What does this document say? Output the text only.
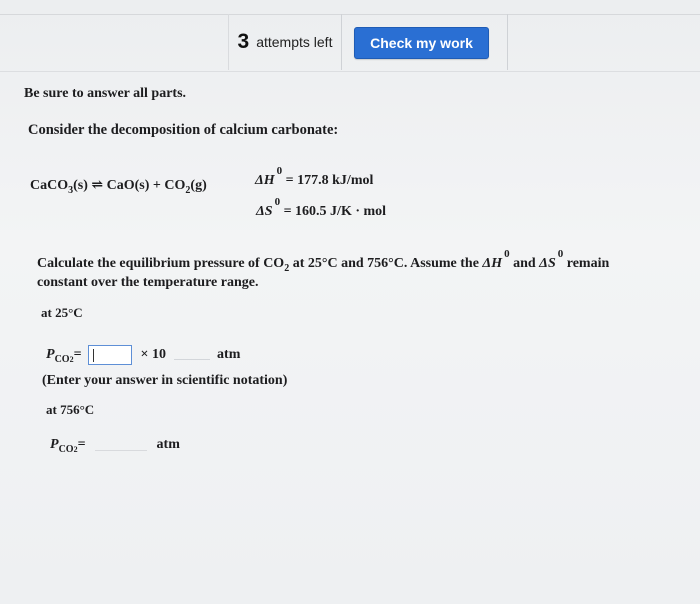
3 attempts left	Check my work
Be sure to answer all parts.
Consider the decomposition of calcium carbonate:
CaCO$_3$(s) ⇌ $CaO(s) + CO_2(g)$	$\Delta H^0 = 177.8$ kJ/mol
$\Delta S^0 = 160.5$ J/K · mol
Calculate the equilibrium pressure of $CO_2$ at 25°C and 756°C. Assume the $\Delta H^0$ and $\Delta S^0$ remain
constant over the temperature range.
at 25°C
$P_{CO2}=$	× 10	atm
(Enter your answer in scientific notation)
at 756°C
$P_{CO2}=$	atm
